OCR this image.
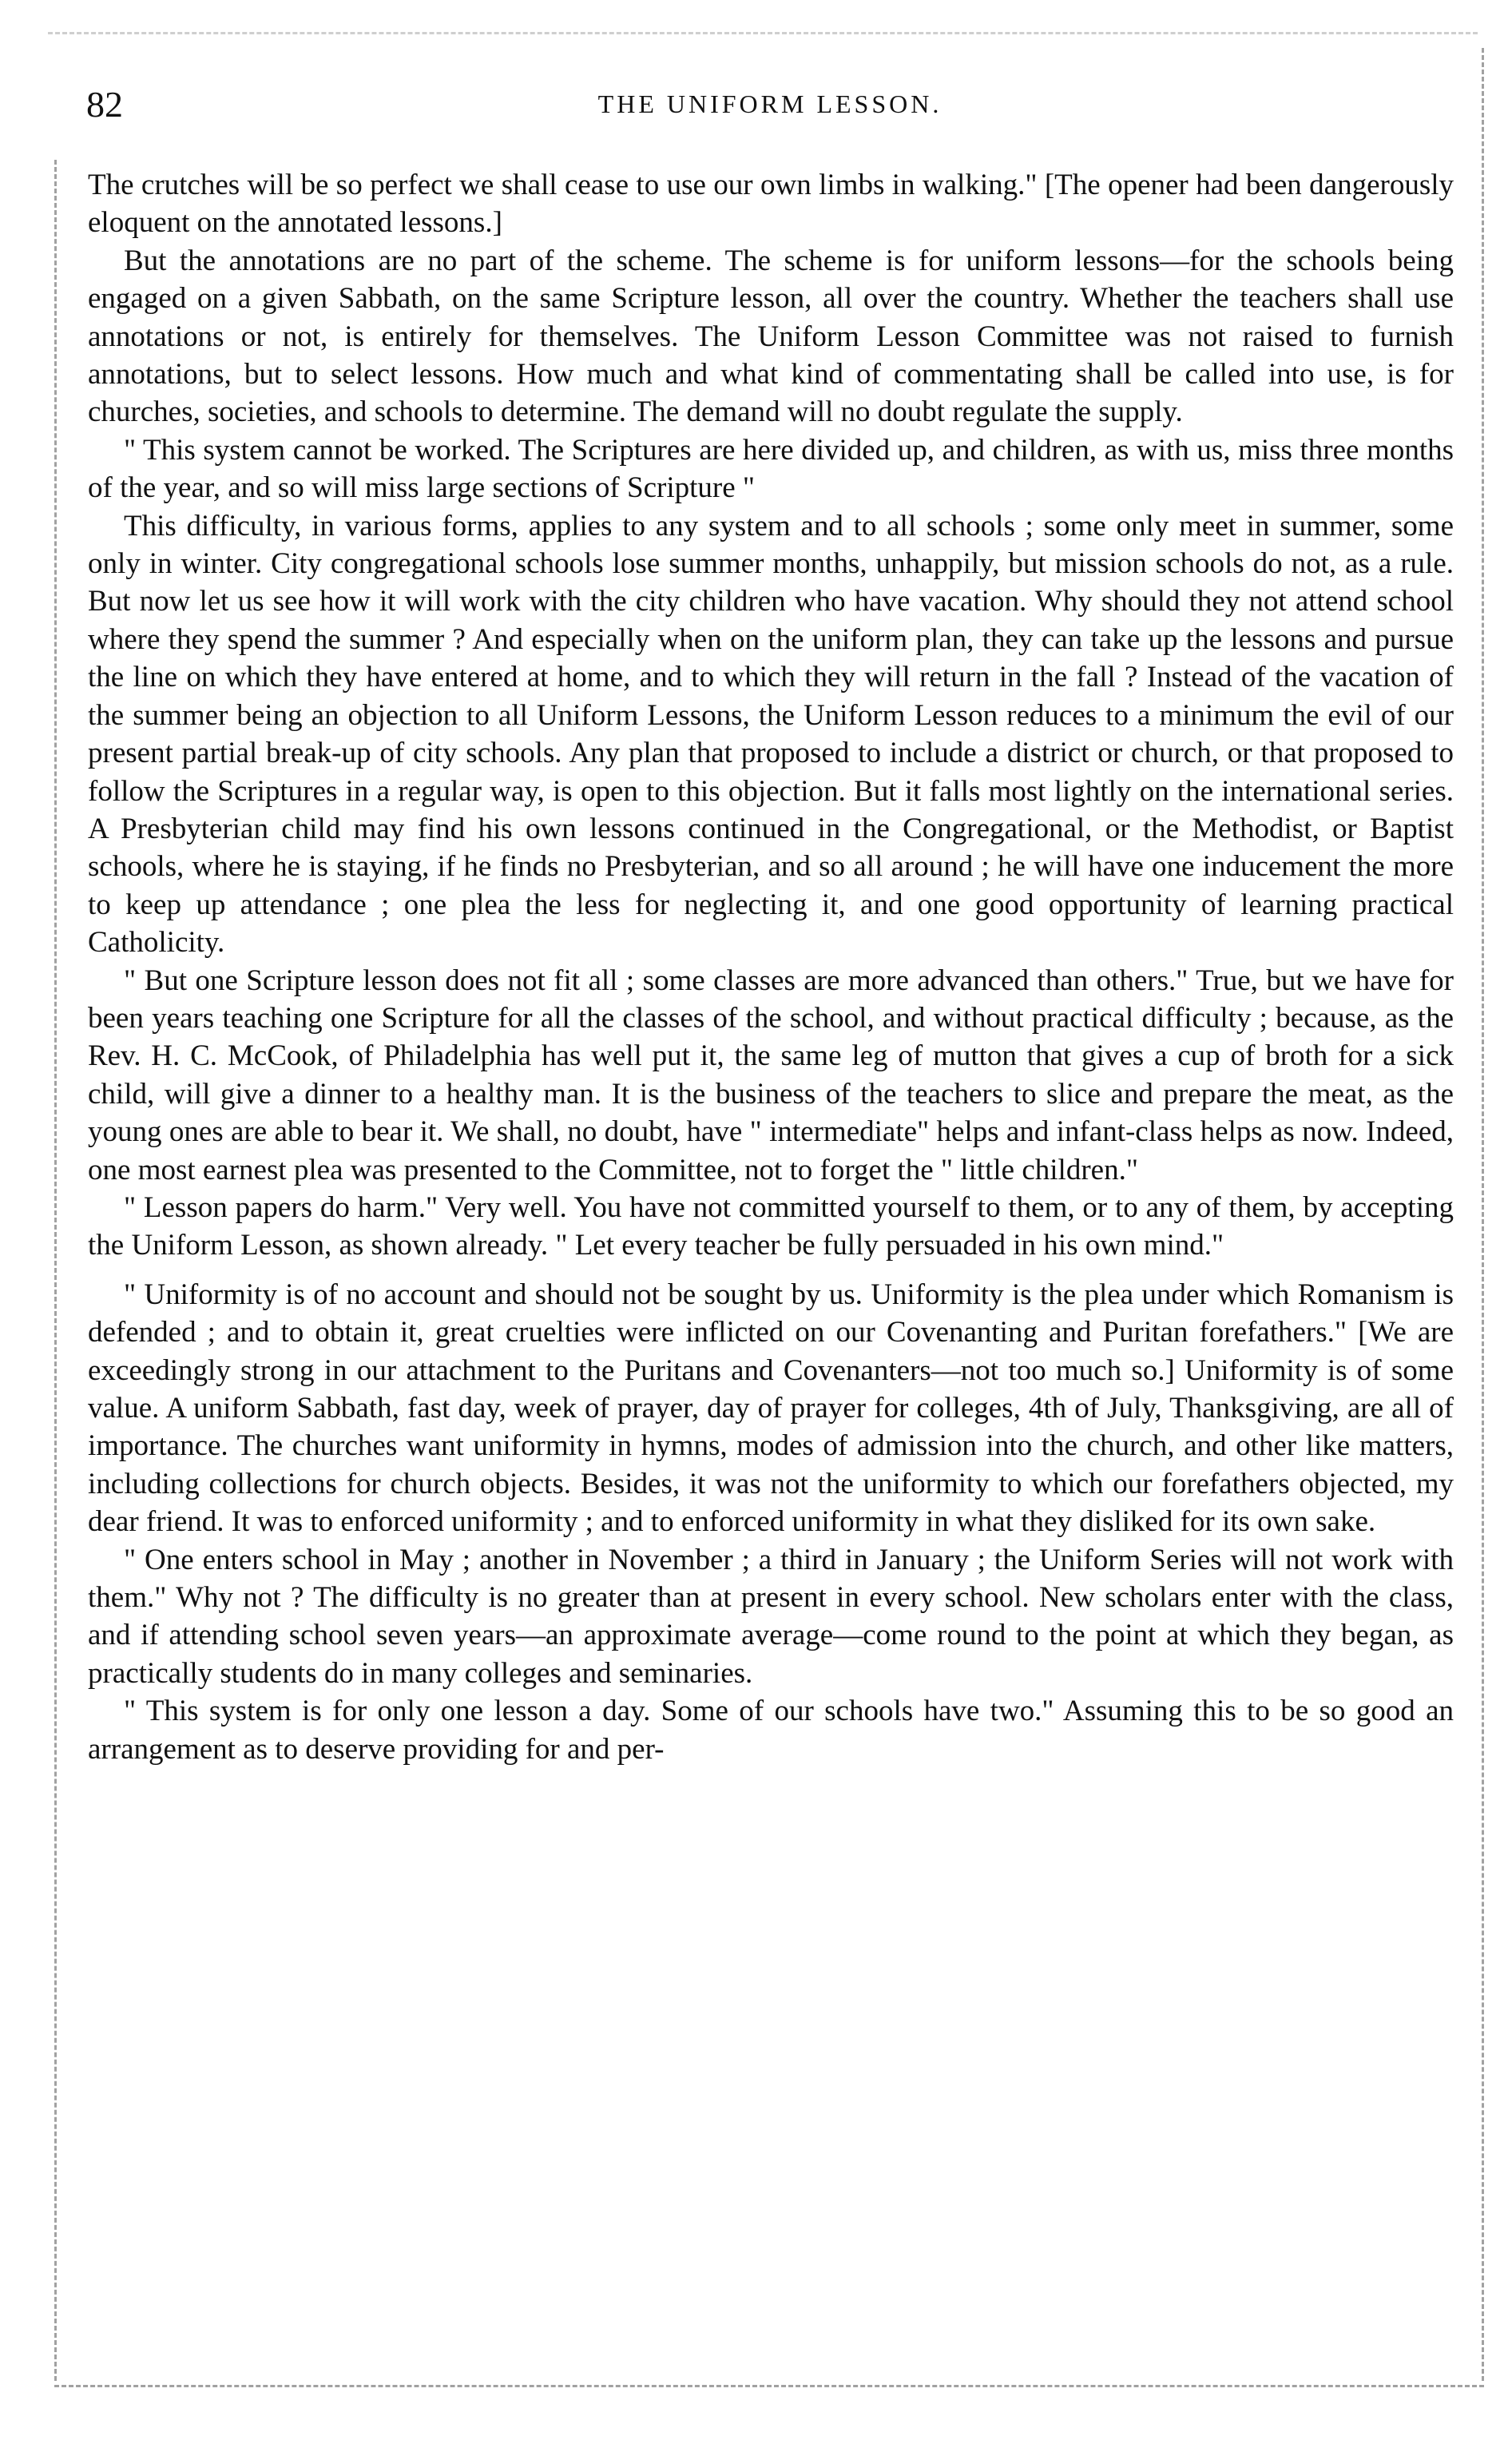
82	THE UNIFORM LESSON.

The crutches will be so perfect we shall cease to use our own limbs in walking." [The opener had been dangerously eloquent on the annotated lessons.]

But the annotations are no part of the scheme. The scheme is for uniform lessons—for the schools being engaged on a given Sabbath, on the same Scripture lesson, all over the country. Whether the teachers shall use annotations or not, is entirely for themselves. The Uniform Lesson Committee was not raised to furnish annotations, but to select lessons. How much and what kind of commentating shall be called into use, is for churches, societies, and schools to determine. The demand will no doubt regulate the supply.

" This system cannot be worked. The Scriptures are here divided up, and children, as with us, miss three months of the year, and so will miss large sections of Scripture "

This difficulty, in various forms, applies to any system and to all schools ; some only meet in summer, some only in winter. City congregational schools lose summer months, unhappily, but mission schools do not, as a rule. But now let us see how it will work with the city children who have vacation. Why should they not attend school where they spend the summer ? And especially when on the uniform plan, they can take up the lessons and pursue the line on which they have entered at home, and to which they will return in the fall ? Instead of the vacation of the summer being an objection to all Uniform Lessons, the Uniform Lesson reduces to a minimum the evil of our present partial break-up of city schools. Any plan that proposed to include a district or church, or that proposed to follow the Scriptures in a regular way, is open to this objection. But it falls most lightly on the international series. A Presbyterian child may find his own lessons continued in the Congregational, or the Methodist, or Baptist schools, where he is staying, if he finds no Presbyterian, and so all around ; he will have one inducement the more to keep up attendance ; one plea the less for neglecting it, and one good opportunity of learning practical Catholicity.

" But one Scripture lesson does not fit all ; some classes are more advanced than others." True, but we have for been years teaching one Scripture for all the classes of the school, and without practical difficulty ; because, as the Rev. H. C. McCook, of Philadelphia has well put it, the same leg of mutton that gives a cup of broth for a sick child, will give a dinner to a healthy man. It is the business of the teachers to slice and prepare the meat, as the young ones are able to bear it. We shall, no doubt, have " intermediate" helps and infant-class helps as now. Indeed, one most earnest plea was presented to the Committee, not to forget the " little children."

" Lesson papers do harm." Very well. You have not committed yourself to them, or to any of them, by accepting the Uniform Lesson, as shown already. " Let every teacher be fully persuaded in his own mind."

" Uniformity is of no account and should not be sought by us. Uniformity is the plea under which Romanism is defended ; and to obtain it, great cruelties were inflicted on our Covenanting and Puritan forefathers." [We are exceedingly strong in our attachment to the Puritans and Covenanters—not too much so.] Uniformity is of some value. A uniform Sabbath, fast day, week of prayer, day of prayer for colleges, 4th of July, Thanksgiving, are all of importance. The churches want uniformity in hymns, modes of admission into the church, and other like matters, including collections for church objects. Besides, it was not the uniformity to which our forefathers objected, my dear friend. It was to enforced uniformity ; and to enforced uniformity in what they disliked for its own sake.

" One enters school in May ; another in November ; a third in January ; the Uniform Series will not work with them." Why not ? The difficulty is no greater than at present in every school. New scholars enter with the class, and if attending school seven years—an approximate average—come round to the point at which they began, as practically students do in many colleges and seminaries.

" This system is for only one lesson a day. Some of our schools have two." Assuming this to be so good an arrangement as to deserve providing for and per-
